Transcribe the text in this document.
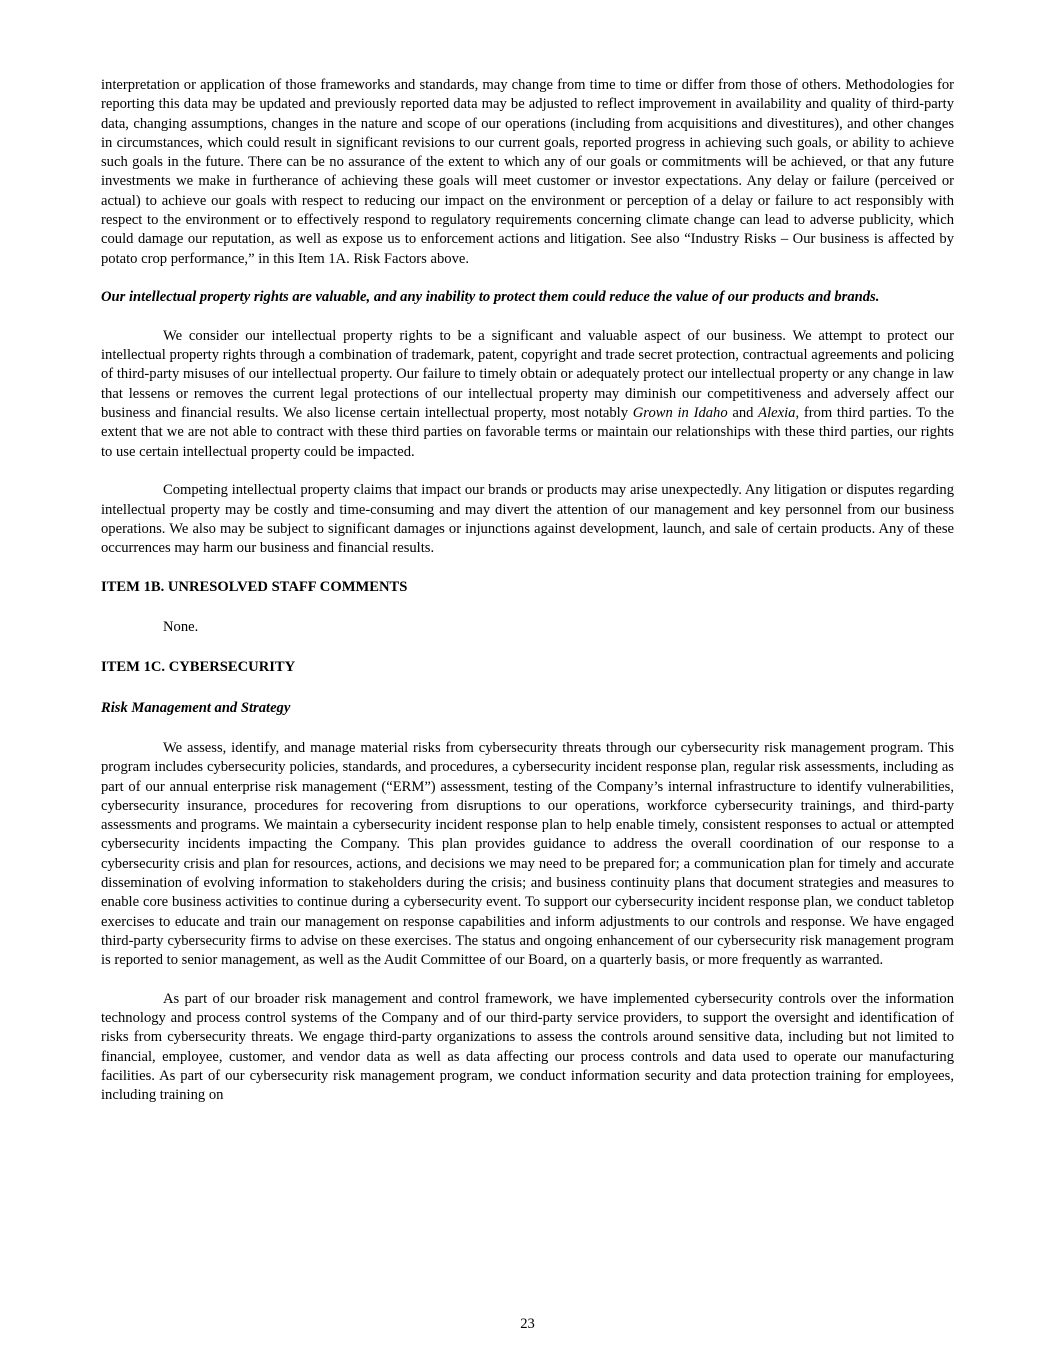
interpretation or application of those frameworks and standards, may change from time to time or differ from those of others. Methodologies for reporting this data may be updated and previously reported data may be adjusted to reflect improvement in availability and quality of third-party data, changing assumptions, changes in the nature and scope of our operations (including from acquisitions and divestitures), and other changes in circumstances, which could result in significant revisions to our current goals, reported progress in achieving such goals, or ability to achieve such goals in the future. There can be no assurance of the extent to which any of our goals or commitments will be achieved, or that any future investments we make in furtherance of achieving these goals will meet customer or investor expectations. Any delay or failure (perceived or actual) to achieve our goals with respect to reducing our impact on the environment or perception of a delay or failure to act responsibly with respect to the environment or to effectively respond to regulatory requirements concerning climate change can lead to adverse publicity, which could damage our reputation, as well as expose us to enforcement actions and litigation. See also “Industry Risks – Our business is affected by potato crop performance,” in this Item 1A. Risk Factors above.

Our intellectual property rights are valuable, and any inability to protect them could reduce the value of our products and brands.

We consider our intellectual property rights to be a significant and valuable aspect of our business. We attempt to protect our intellectual property rights through a combination of trademark, patent, copyright and trade secret protection, contractual agreements and policing of third-party misuses of our intellectual property. Our failure to timely obtain or adequately protect our intellectual property or any change in law that lessens or removes the current legal protections of our intellectual property may diminish our competitiveness and adversely affect our business and financial results. We also license certain intellectual property, most notably Grown in Idaho and Alexia, from third parties. To the extent that we are not able to contract with these third parties on favorable terms or maintain our relationships with these third parties, our rights to use certain intellectual property could be impacted.

Competing intellectual property claims that impact our brands or products may arise unexpectedly. Any litigation or disputes regarding intellectual property may be costly and time-consuming and may divert the attention of our management and key personnel from our business operations. We also may be subject to significant damages or injunctions against development, launch, and sale of certain products. Any of these occurrences may harm our business and financial results.

ITEM 1B. UNRESOLVED STAFF COMMENTS

None.

ITEM 1C. CYBERSECURITY

Risk Management and Strategy

We assess, identify, and manage material risks from cybersecurity threats through our cybersecurity risk management program. This program includes cybersecurity policies, standards, and procedures, a cybersecurity incident response plan, regular risk assessments, including as part of our annual enterprise risk management (“ERM”) assessment, testing of the Company’s internal infrastructure to identify vulnerabilities, cybersecurity insurance, procedures for recovering from disruptions to our operations, workforce cybersecurity trainings, and third-party assessments and programs. We maintain a cybersecurity incident response plan to help enable timely, consistent responses to actual or attempted cybersecurity incidents impacting the Company. This plan provides guidance to address the overall coordination of our response to a cybersecurity crisis and plan for resources, actions, and decisions we may need to be prepared for; a communication plan for timely and accurate dissemination of evolving information to stakeholders during the crisis; and business continuity plans that document strategies and measures to enable core business activities to continue during a cybersecurity event. To support our cybersecurity incident response plan, we conduct tabletop exercises to educate and train our management on response capabilities and inform adjustments to our controls and response. We have engaged third-party cybersecurity firms to advise on these exercises. The status and ongoing enhancement of our cybersecurity risk management program is reported to senior management, as well as the Audit Committee of our Board, on a quarterly basis, or more frequently as warranted.

As part of our broader risk management and control framework, we have implemented cybersecurity controls over the information technology and process control systems of the Company and of our third-party service providers, to support the oversight and identification of risks from cybersecurity threats. We engage third-party organizations to assess the controls around sensitive data, including but not limited to financial, employee, customer, and vendor data as well as data affecting our process controls and data used to operate our manufacturing facilities. As part of our cybersecurity risk management program, we conduct information security and data protection training for employees, including training on

23
